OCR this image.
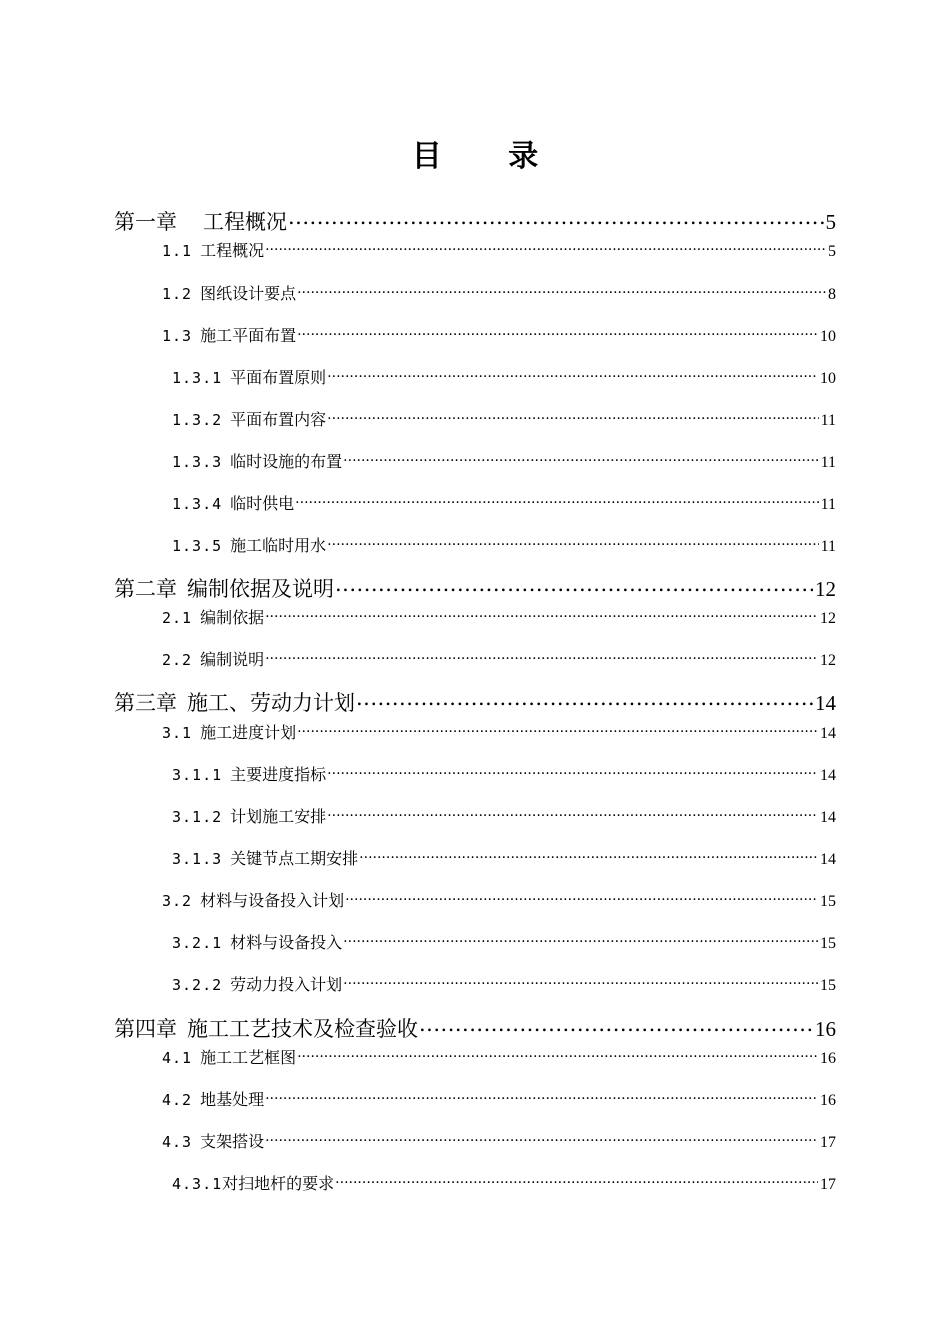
目 录
第一章 工程概况 .....	5
1.1 工程概况 .....	5
1.2 图纸设计要点 .....	8
1.3 施工平面布置 .....	10
1.3.1 平面布置原则 .....	10
1.3.2 平面布置内容 .....	11
1.3.3 临时设施的布置 .....	11
1.3.4 临时供电 .....	11
1.3.5 施工临时用水 .....	11
第二章 编制依据及说明 .....	12
2.1 编制依据 .....	12
2.2 编制说明 .....	12
第三章 施工、劳动力计划 .....	14
3.1 施工进度计划 .....	14
3.1.1 主要进度指标 .....	14
3.1.2 计划施工安排 .....	14
3.1.3 关键节点工期安排 .....	14
3.2 材料与设备投入计划 .....	15
3.2.1 材料与设备投入 .....	15
3.2.2 劳动力投入计划 .....	15
第四章 施工工艺技术及检查验收 .....	16
4.1 施工工艺框图 .....	16
4.2 地基处理 .....	16
4.3 支架搭设 .....	17
4.3.1对扫地杆的要求 .....	17
